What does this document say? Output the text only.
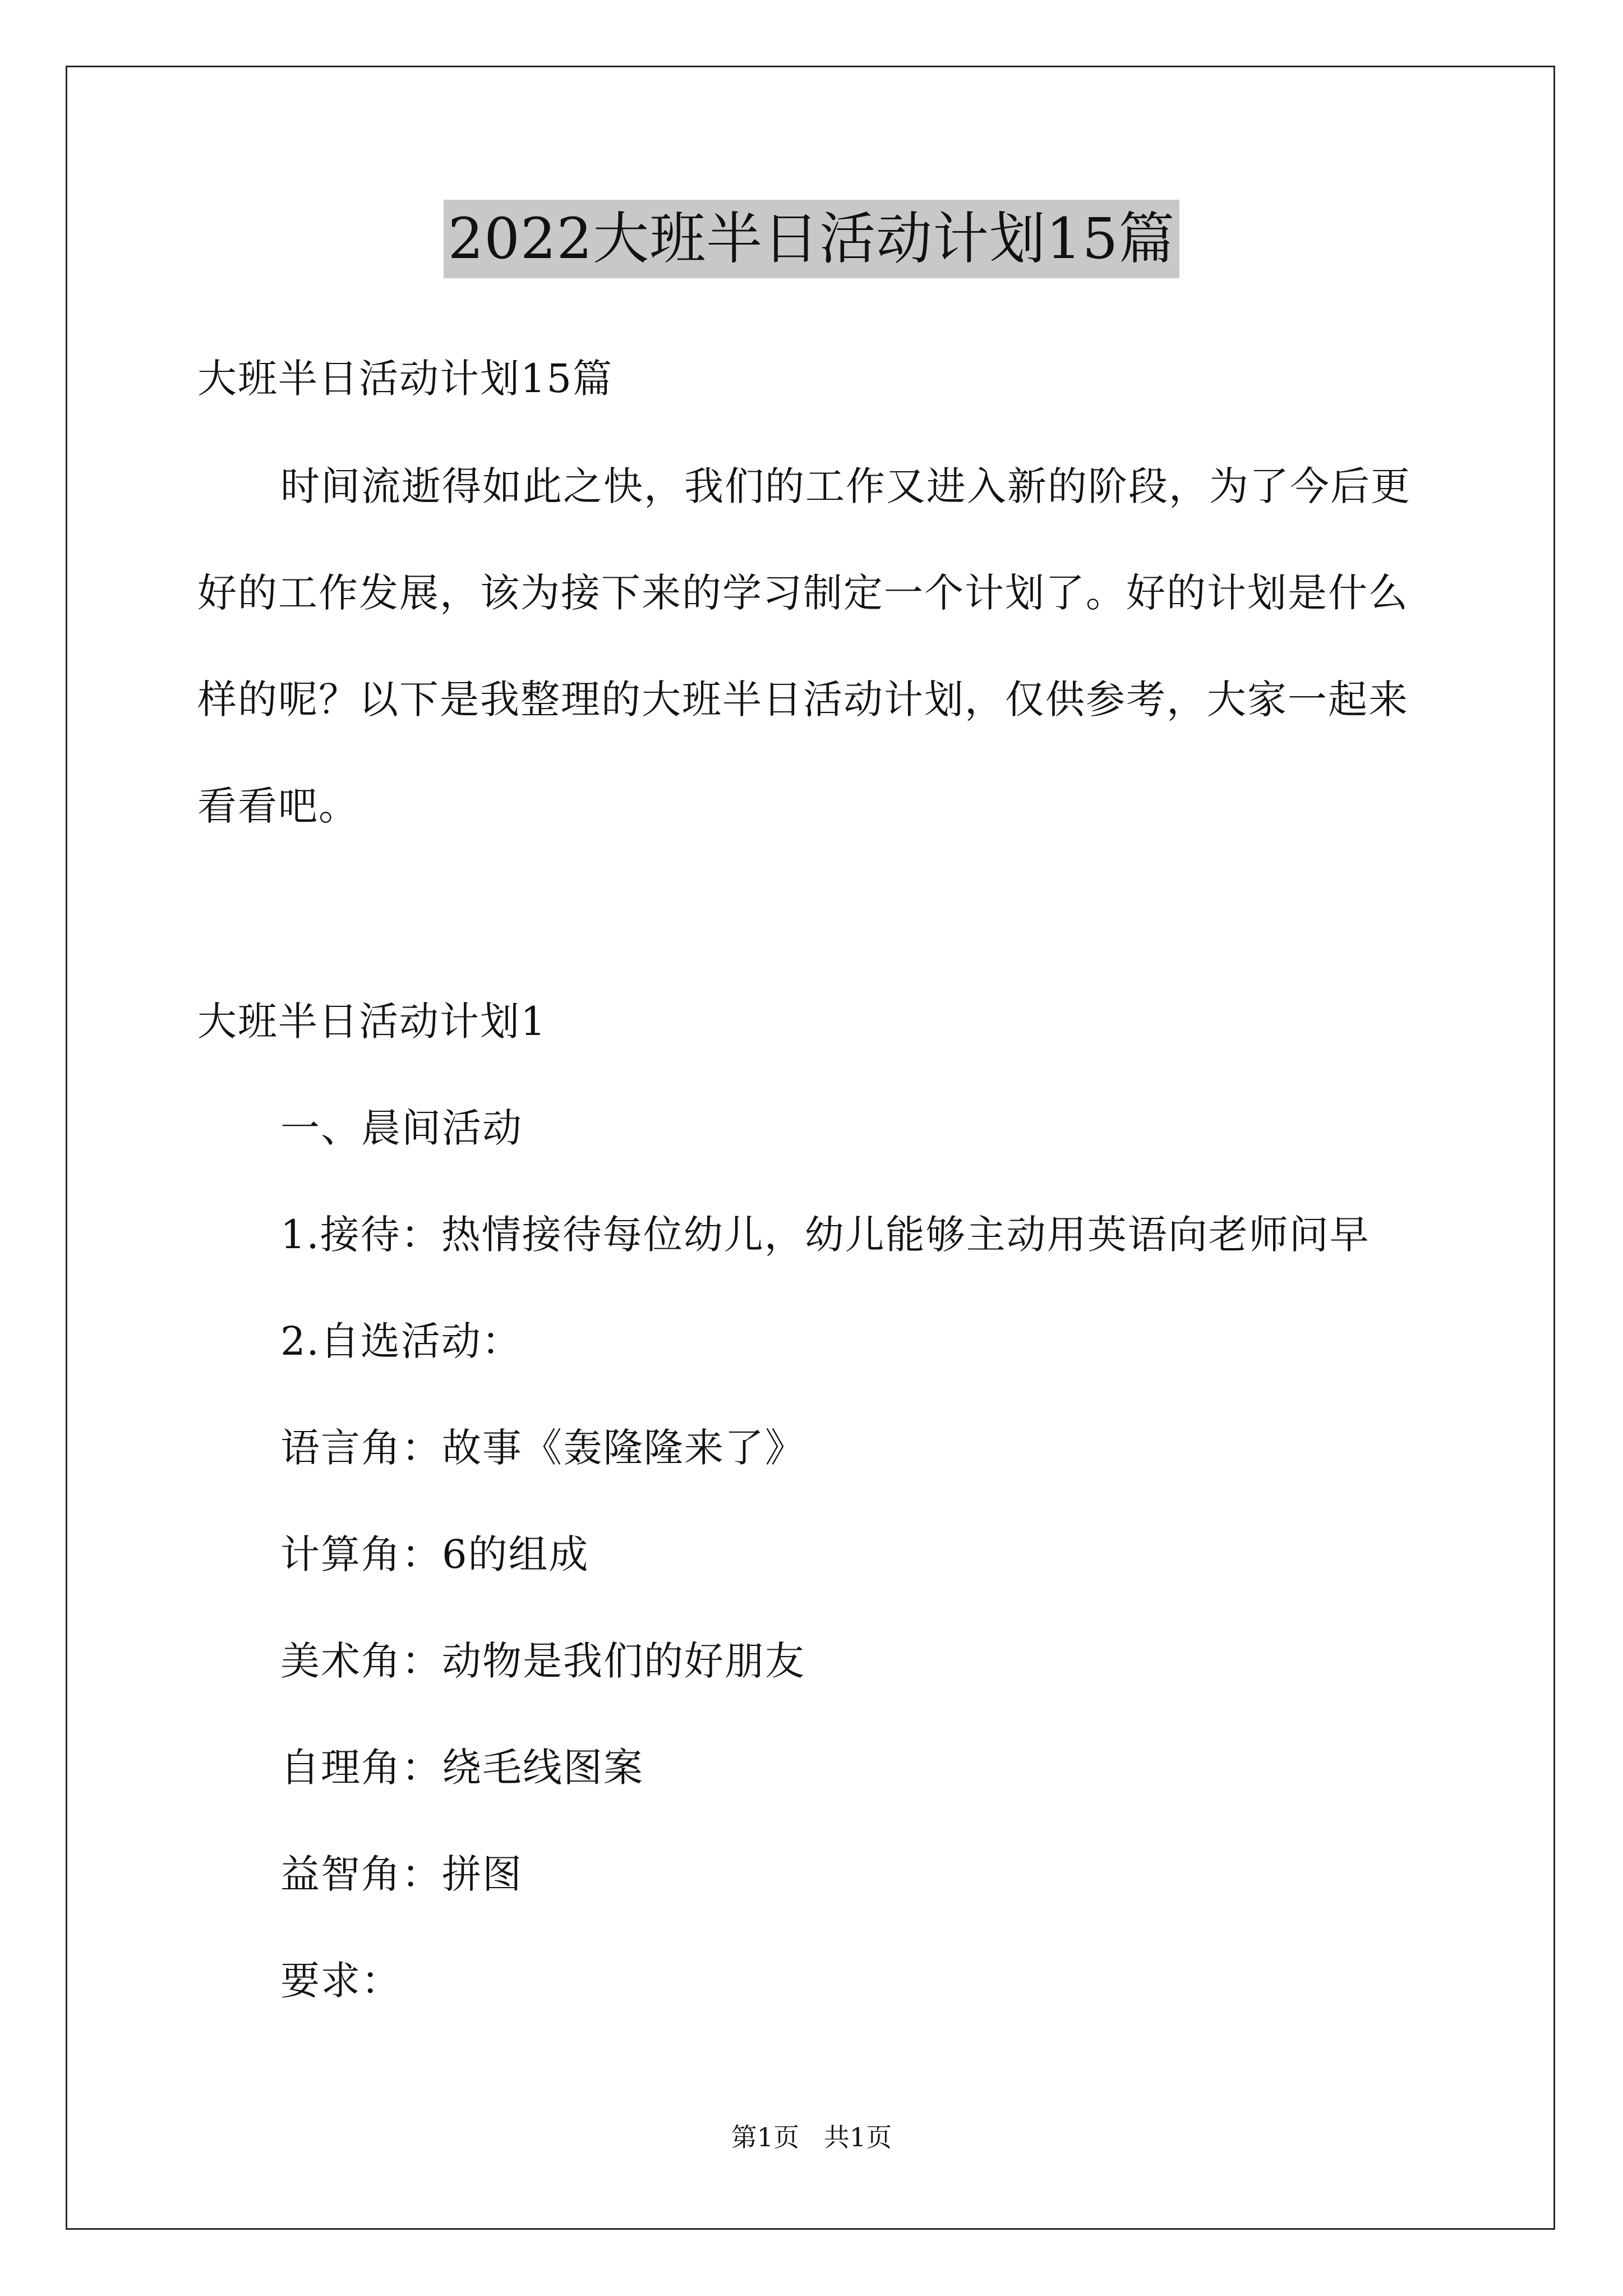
2022大班半日活动计划15篇
大班半日活动计划15篇
时间流逝得如此之快，我们的工作又进入新的阶段，为了今后更
好的工作发展，该为接下来的学习制定一个计划了。好的计划是什么
样的呢？以下是我整理的大班半日活动计划，仅供参考，大家一起来
看看吧。
大班半日活动计划1
一、晨间活动
1.接待：热情接待每位幼儿，幼儿能够主动用英语向老师问早
2.自选活动：
语言角：故事《轰隆隆来了》
计算角：6的组成
美术角：动物是我们的好朋友
自理角：绕毛线图案
益智角：拼图
要求：
第1页   共1页
